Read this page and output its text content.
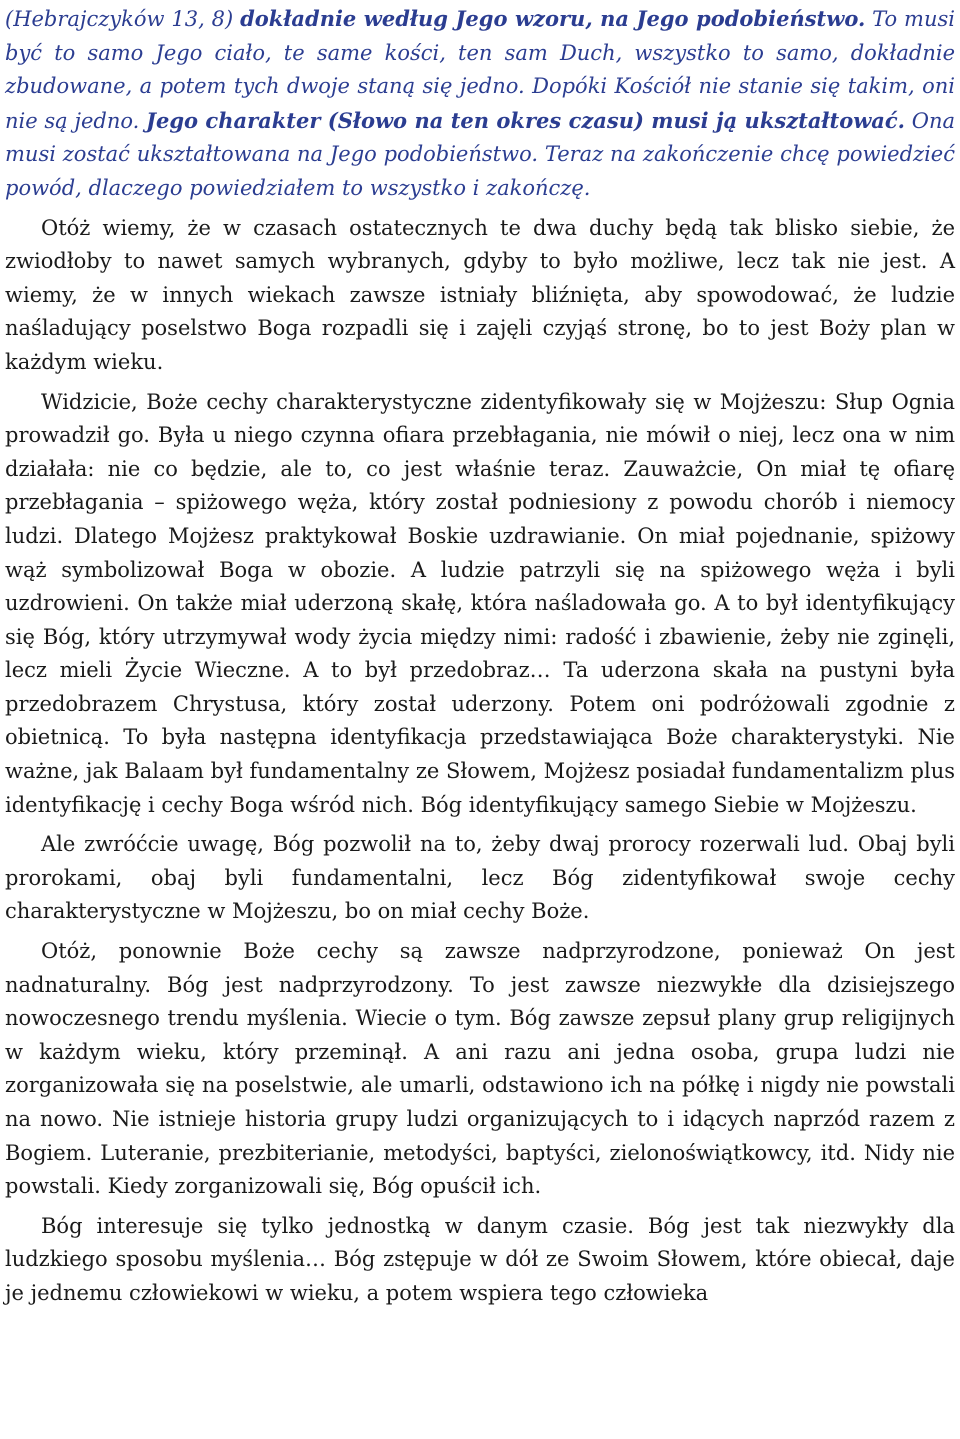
(Hebrajczyków 13, 8) dokładnie według Jego wzoru, na Jego podobieństwo. To musi być to samo Jego ciało, te same kości, ten sam Duch, wszystko to samo, dokładnie zbudowane, a potem tych dwoje staną się jedno. Dopóki Kościół nie stanie się takim, oni nie są jedno. Jego charakter (Słowo na ten okres czasu) musi ją ukształtować. Ona musi zostać ukształtowana na Jego podobieństwo. Teraz na zakończenie chcę powiedzieć powód, dlaczego powiedziałem to wszystko i zakończę.

Otóż wiemy, że w czasach ostatecznych te dwa duchy będą tak blisko siebie, że zwiodłoby to nawet samych wybranych, gdyby to było możliwe, lecz tak nie jest. A wiemy, że w innych wiekach zawsze istniały bliźnięta, aby spowodować, że ludzie naśladujący poselstwo Boga rozpadli się i zajęli czyjąś stronę, bo to jest Boży plan w każdym wieku.

Widzicie, Boże cechy charakterystyczne zidentyfikowały się w Mojżeszu: Słup Ognia prowadził go. Była u niego czynna ofiara przebłagania, nie mówił o niej, lecz ona w nim działała: nie co będzie, ale to, co jest właśnie teraz. Zauważcie, On miał tę ofiarę przebłagania – spiżowego węża, który został podniesiony z powodu chorób i niemocy ludzi. Dlatego Mojżesz praktykował Boskie uzdrawianie. On miał pojednanie, spiżowy wąż symbolizował Boga w obozie. A ludzie patrzyli się na spiżowego węża i byli uzdrowieni. On także miał uderzoną skałę, która naśladowała go. A to był identyfikujący się Bóg, który utrzymywał wody życia między nimi: radość i zbawienie, żeby nie zginęli, lecz mieli Życie Wieczne. A to był przedobraz… Ta uderzona skała na pustyni była przedobrazem Chrystusa, który został uderzony. Potem oni podróżowali zgodnie z obietnicą. To była następna identyfikacja przedstawiająca Boże charakterystyki. Nie ważne, jak Balaam był fundamentalny ze Słowem, Mojżesz posiadał fundamentalizm plus identyfikację i cechy Boga wśród nich. Bóg identyfikujący samego Siebie w Mojżeszu.

Ale zwróćcie uwagę, Bóg pozwolił na to, żeby dwaj prorocy rozerwali lud. Obaj byli prorokami, obaj byli fundamentalni, lecz Bóg zidentyfikował swoje cechy charakterystyczne w Mojżeszu, bo on miał cechy Boże.

Otóż, ponownie Boże cechy są zawsze nadprzyrodzone, ponieważ On jest nadnaturalny. Bóg jest nadprzyrodzony. To jest zawsze niezwykłe dla dzisiejszego nowoczesnego trendu myślenia. Wiecie o tym. Bóg zawsze zepsuł plany grup religijnych w każdym wieku, który przeminął. A ani razu ani jedna osoba, grupa ludzi nie zorganizowała się na poselstwie, ale umarli, odstawiono ich na półkę i nigdy nie powstali na nowo. Nie istnieje historia grupy ludzi organizujących to i idących naprzód razem z Bogiem. Luteranie, prezbiterianie, metodyści, baptyści, zielonoświątkowcy, itd. Nidy nie powstali. Kiedy zorganizowali się, Bóg opuścił ich.

Bóg interesuje się tylko jednostką w danym czasie. Bóg jest tak niezwykły dla ludzkiego sposobu myślenia… Bóg zstępuje w dół ze Swoim Słowem, które obiecał, daje je jednemu człowiekowi w wieku, a potem wspiera tego człowieka
